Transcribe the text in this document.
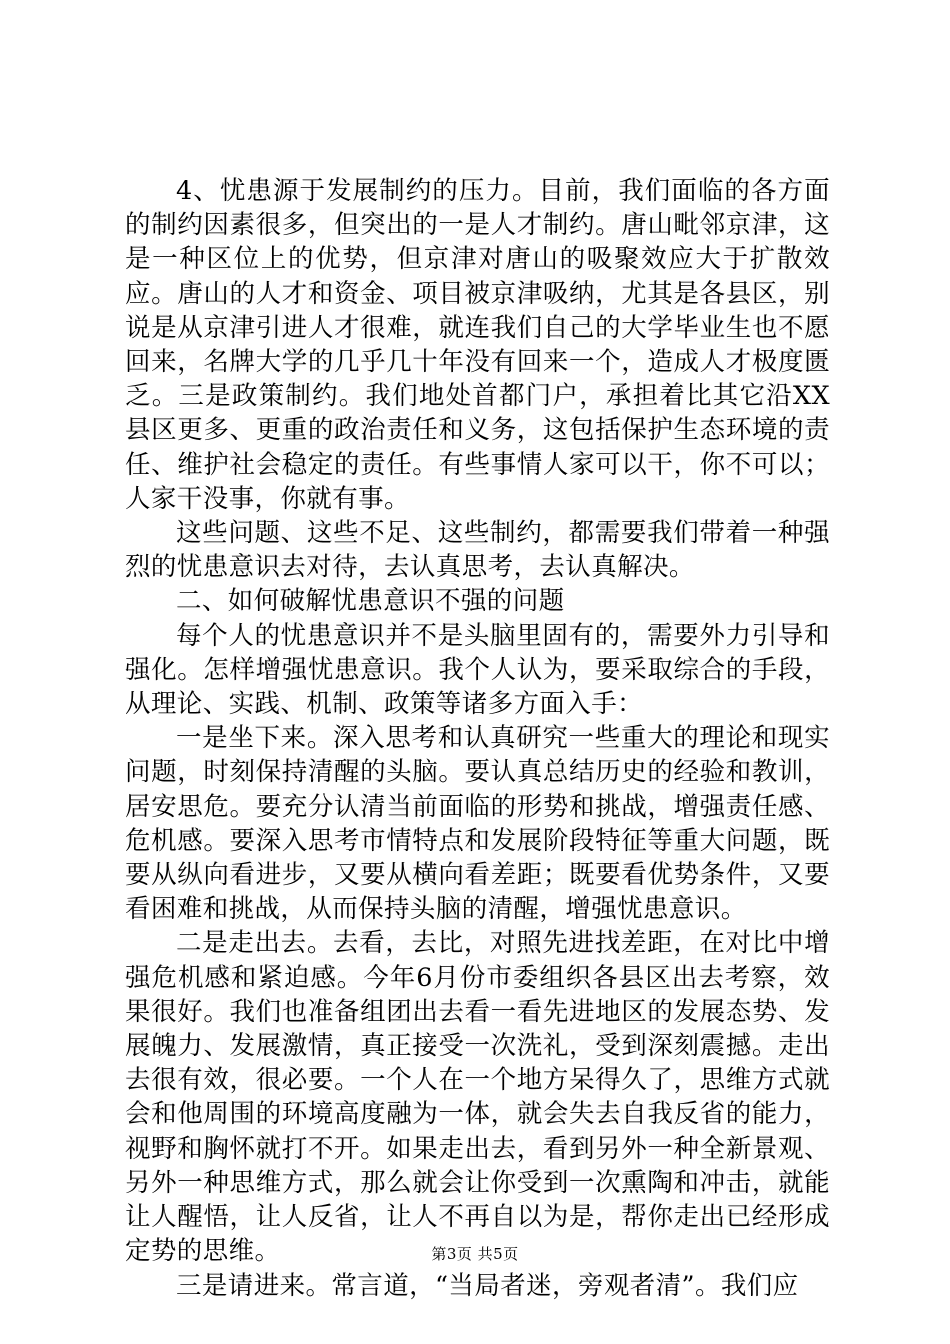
4、忧患源于发展制约的压力。目前，我们面临的各方面的制约因素很多，但突出的一是人才制约。唐山毗邻京津，这是一种区位上的优势，但京津对唐山的吸聚效应大于扩散效应。唐山的人才和资金、项目被京津吸纳，尤其是各县区，别说是从京津引进人才很难，就连我们自己的大学毕业生也不愿回来，名牌大学的几乎几十年没有回来一个，造成人才极度匮乏。三是政策制约。我们地处首都门户，承担着比其它沿XX县区更多、更重的政治责任和义务，这包括保护生态环境的责任、维护社会稳定的责任。有些事情人家可以干，你不可以；人家干没事，你就有事。

这些问题、这些不足、这些制约，都需要我们带着一种强烈的忧患意识去对待，去认真思考，去认真解决。

二、如何破解忧患意识不强的问题

每个人的忧患意识并不是头脑里固有的，需要外力引导和强化。怎样增强忧患意识。我个人认为，要采取综合的手段，从理论、实践、机制、政策等诸多方面入手：

一是坐下来。深入思考和认真研究一些重大的理论和现实问题，时刻保持清醒的头脑。要认真总结历史的经验和教训，居安思危。要充分认清当前面临的形势和挑战，增强责任感、危机感。要深入思考市情特点和发展阶段特征等重大问题，既要从纵向看进步，又要从横向看差距；既要看优势条件，又要看困难和挑战，从而保持头脑的清醒，增强忧患意识。

二是走出去。去看，去比，对照先进找差距，在对比中增强危机感和紧迫感。今年6月份市委组织各县区出去考察，效果很好。我们也准备组团出去看一看先进地区的发展态势、发展魄力、发展激情，真正接受一次洗礼，受到深刻震撼。走出去很有效，很必要。一个人在一个地方呆得久了，思维方式就会和他周围的环境高度融为一体，就会失去自我反省的能力，视野和胸怀就打不开。如果走出去，看到另外一种全新景观、另外一种思维方式，那么就会让你受到一次熏陶和冲击，就能让人醒悟，让人反省，让人不再自以为是，帮你走出已经形成定势的思维。

三是请进来。常言道，“当局者迷，旁观者清”。我们应

第3页 共5页
